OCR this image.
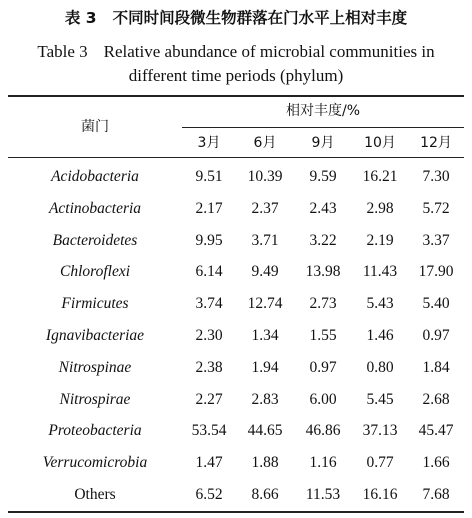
表 3 不同时间段微生物群落在门水平上相对丰度
Table 3 Relative abundance of microbial communities in
different time periods (phylum)
相对丰度/%
菌门
3月	6月	9月	10月	12月
Acidobacteria	9.51	10.39	9.59	16.21	7.30
Actinobacteria	2.17	2.37	2.43	2.98	5.72
Bacteroidetes	9.95	3.71	3.22	2.19	3.37
Chloroflexi	6.14	9.49	13.98	11.43	17.90
Firmicutes	3.74	12.74	2.73	5.43	5.40
Ignavibacteriae	2.30	1.34	1.55	1.46	0.97
Nitrospinae	2.38	1.94	0.97	0.80	1.84
Nitrospirae	2.27	2.83	6.00	5.45	2.68
Proteobacteria	53.54	44.65	46.86	37.13	45.47
Verrucomicrobia	1.47	1.88	1.16	0.77	1.66
Others	6.52	8.66	11.53	16.16	7.68
